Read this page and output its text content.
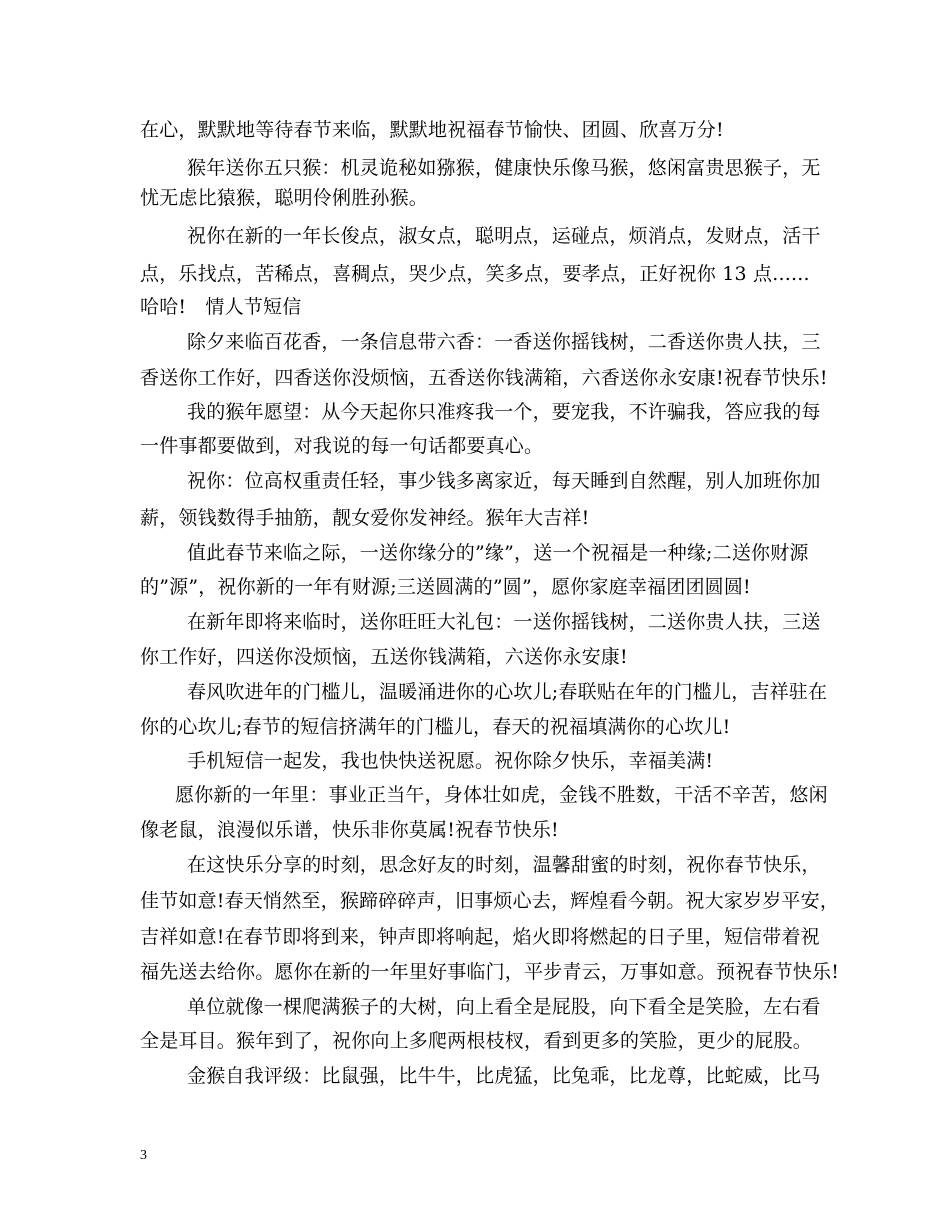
在心，默默地等待春节来临，默默地祝福春节愉快、团圆、欣喜万分!
猴年送你五只猴：机灵诡秘如猕猴，健康快乐像马猴，悠闲富贵思猴子，无
忧无虑比猿猴，聪明伶俐胜孙猴。
祝你在新的一年长俊点，淑女点，聪明点，运碰点，烦消点，发财点，活干
点，乐找点，苦稀点，喜稠点，哭少点，笑多点，要孝点，正好祝你 13 点......
哈哈!　情人节短信
除夕来临百花香，一条信息带六香：一香送你摇钱树，二香送你贵人扶，三
香送你工作好，四香送你没烦恼，五香送你钱满箱，六香送你永安康!祝春节快乐!
我的猴年愿望：从今天起你只准疼我一个，要宠我，不许骗我，答应我的每
一件事都要做到，对我说的每一句话都要真心。
祝你：位高权重责任轻，事少钱多离家近，每天睡到自然醒，别人加班你加
薪，领钱数得手抽筋，靓女爱你发神经。猴年大吉祥!
值此春节来临之际，一送你缘分的”缘”，送一个祝福是一种缘;二送你财源
的”源”，祝你新的一年有财源;三送圆满的”圆”，愿你家庭幸福团团圆圆!
在新年即将来临时，送你旺旺大礼包：一送你摇钱树，二送你贵人扶，三送
你工作好，四送你没烦恼，五送你钱满箱，六送你永安康!
春风吹进年的门槛儿，温暖涌进你的心坎儿;春联贴在年的门槛儿，吉祥驻在
你的心坎儿;春节的短信挤满年的门槛儿，春天的祝福填满你的心坎儿!
手机短信一起发，我也快快送祝愿。祝你除夕快乐，幸福美满!
愿你新的一年里：事业正当午，身体壮如虎，金钱不胜数，干活不辛苦，悠闲
像老鼠，浪漫似乐谱，快乐非你莫属!祝春节快乐!
在这快乐分享的时刻，思念好友的时刻，温馨甜蜜的时刻，祝你春节快乐，
佳节如意!春天悄然至，猴蹄碎碎声，旧事烦心去，辉煌看今朝。祝大家岁岁平安，
吉祥如意!在春节即将到来，钟声即将响起，焰火即将燃起的日子里，短信带着祝
福先送去给你。愿你在新的一年里好事临门，平步青云，万事如意。预祝春节快乐!
单位就像一棵爬满猴子的大树，向上看全是屁股，向下看全是笑脸，左右看
全是耳目。猴年到了，祝你向上多爬两根枝杈，看到更多的笑脸，更少的屁股。
金猴自我评级：比鼠强，比牛牛，比虎猛，比兔乖，比龙尊，比蛇威，比马
3
